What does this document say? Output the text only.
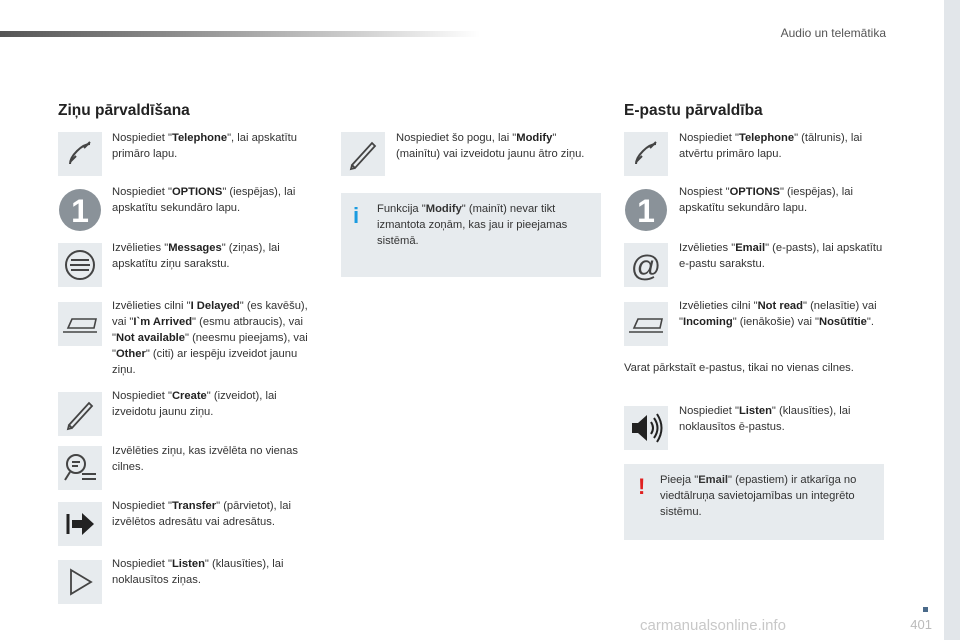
Audio un telemātika
Ziņu pārvaldīšana
Nospiediet "Telephone", lai apskatītu primāro lapu.
1
Nospiediet "OPTIONS" (iespējas), lai apskatītu sekundāro lapu.
Izvēlieties "Messages" (ziņas), lai apskatītu ziņu sarakstu.
Izvēlieties cilni "I Delayed" (es kavēšu), vai "I`m Arrived" (esmu atbraucis), vai "Not available" (neesmu pieejams), vai "Other" (citi) ar iespēju izveidot jaunu ziņu.
Nospiediet "Create" (izveidot), lai izveidotu jaunu ziņu.
Izvēlēties ziņu, kas izvēlēta no vienas cilnes.
Nospiediet "Transfer" (pārvietot), lai izvēlētos adresātu vai adresātus.
Nospiediet "Listen" (klausīties), lai noklausītos ziņas.
Nospiediet šo pogu, lai "Modify" (mainītu) vai izveidotu jaunu ātro ziņu.
i Funkcija "Modify" (mainīt) nevar tikt izmantota zoņām, kas jau ir pieejamas sistēmā.
E-pastu pārvaldība
Nospiediet "Telephone" (tālrunis), lai atvērtu primāro lapu.
1
Nospiest "OPTIONS" (iespējas), lai apskatītu sekundāro lapu.
@
Izvēlieties "Email" (e-pasts), lai apskatītu e-pastu sarakstu.
Izvēlieties cilni "Not read" (nelasītie) vai "Incoming" (ienākošie) vai "Nosūtītie".
Varat pārkstaīt e-pastus, tikai no vienas cilnes.
Nospiediet "Listen" (klausīties), lai noklausītos ē-pastus.
! Pieeja "Email" (epastiem) ir atkarīga no viedtālruņa savietojamības un integrēto sistēmu.
401
carmanualsonline.info
